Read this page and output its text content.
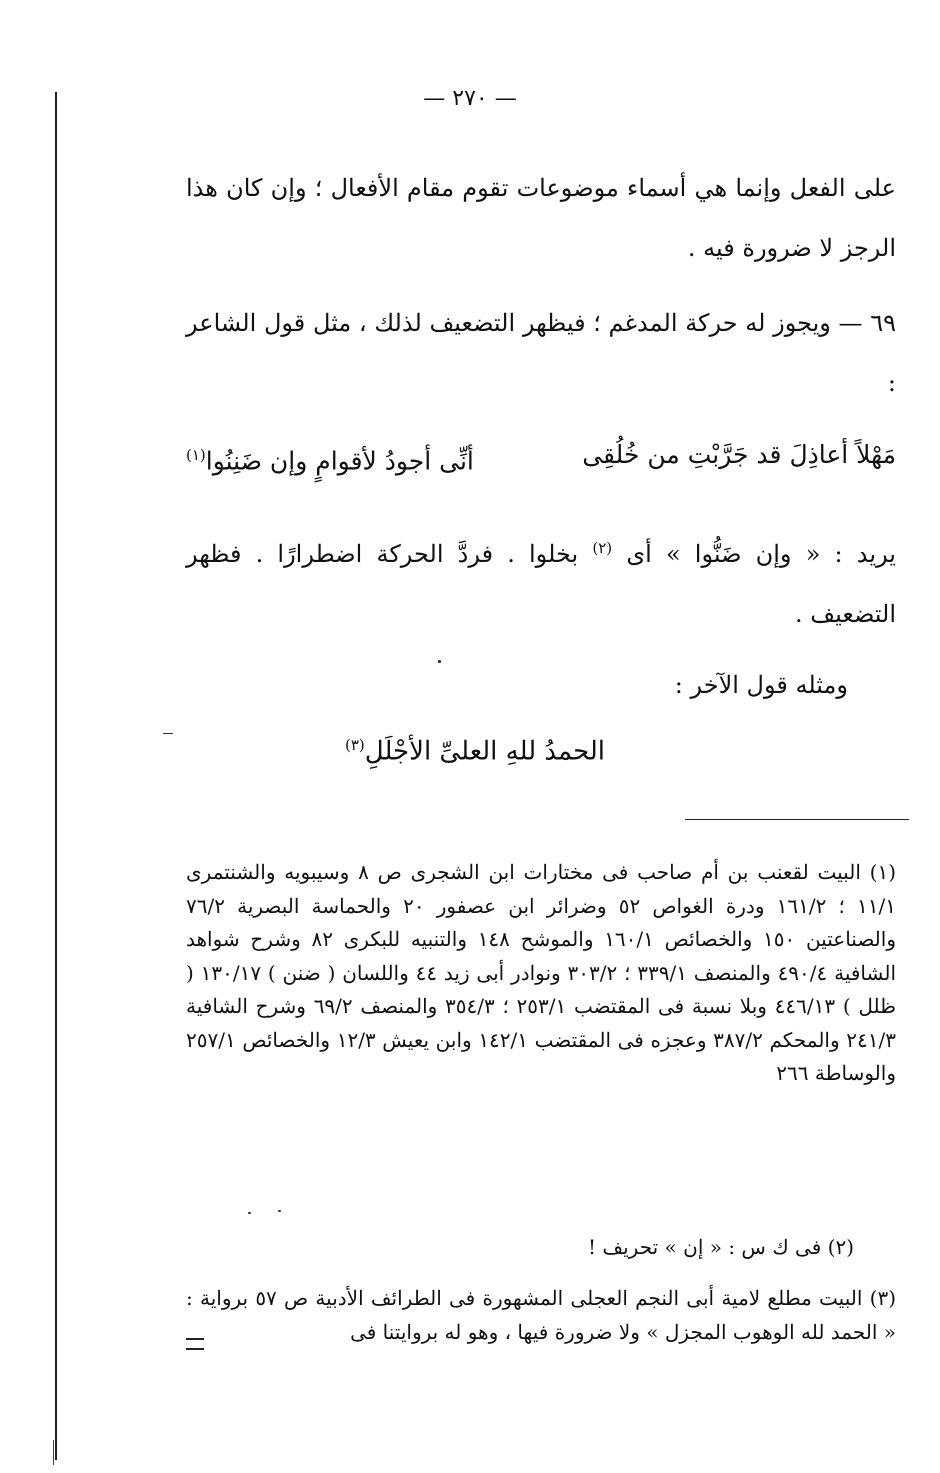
— ٢٧٠ —
على الفعل وإنما هي أسماء موضوعات تقوم مقام الأفعال ؛ وإن كان هذا الرجز لا ضرورة فيه .
٦٩ — ويجوز له حركة المدغم ؛ فيظهر التضعيف لذلك ، مثل قول الشاعر :
مَهْلاً أعاذِلَ قد جَرَّبْتِ من خُلُقِى
أنِّى أجودُ لأقوامٍ وإن ضَنِنُوا$^{(١)}$
يريد : « وإن ضَنُّوا » أى $^{(٢)}$ بخلوا . فردَّ الحركة اضطرارًا . فظهر التضعيف .
ومثله قول الآخر :
الحمدُ للهِ العلىِّ الأجْلَلِ$^{(٣)}$
(١) البيت لقعنب بن أم صاحب فى مختارات ابن الشجرى ص ٨ وسيبويه والشنتمرى ١١/١ ؛ ١٦١/٢ ودرة الغواص ٥٢ وضرائر ابن عصفور ٢٠ والحماسة البصرية ٧٦/٢ والصناعتين ١٥٠ والخصائص ١٦٠/١ والموشح ١٤٨ والتنبيه للبكرى ٨٢ وشرح شواهد الشافية ٤٩٠/٤ والمنصف ٣٣٩/١ ؛ ٣٠٣/٢ ونوادر أبى زيد ٤٤ واللسان ( ضنن ) ١٣٠/١٧ ( ظلل ) ٤٤٦/١٣ وبلا نسبة فى المقتضب ٢٥٣/١ ؛ ٣٥٤/٣ والمنصف ٦٩/٢ وشرح الشافية ٢٤١/٣ والمحكم ٣٨٧/٢ وعجزه فى المقتضب ١٤٢/١ وابن يعيش ١٢/٣ والخصائص ٢٥٧/١ والوساطة ٢٦٦
(٢) فى ك س : « إن » تحريف !
(٣) البيت مطلع لامية أبى النجم العجلى المشهورة فى الطرائف الأدبية ص ٥٧ برواية : « الحمد لله الوهوب المجزل » ولا ضرورة فيها ، وهو له بروايتنا فى
